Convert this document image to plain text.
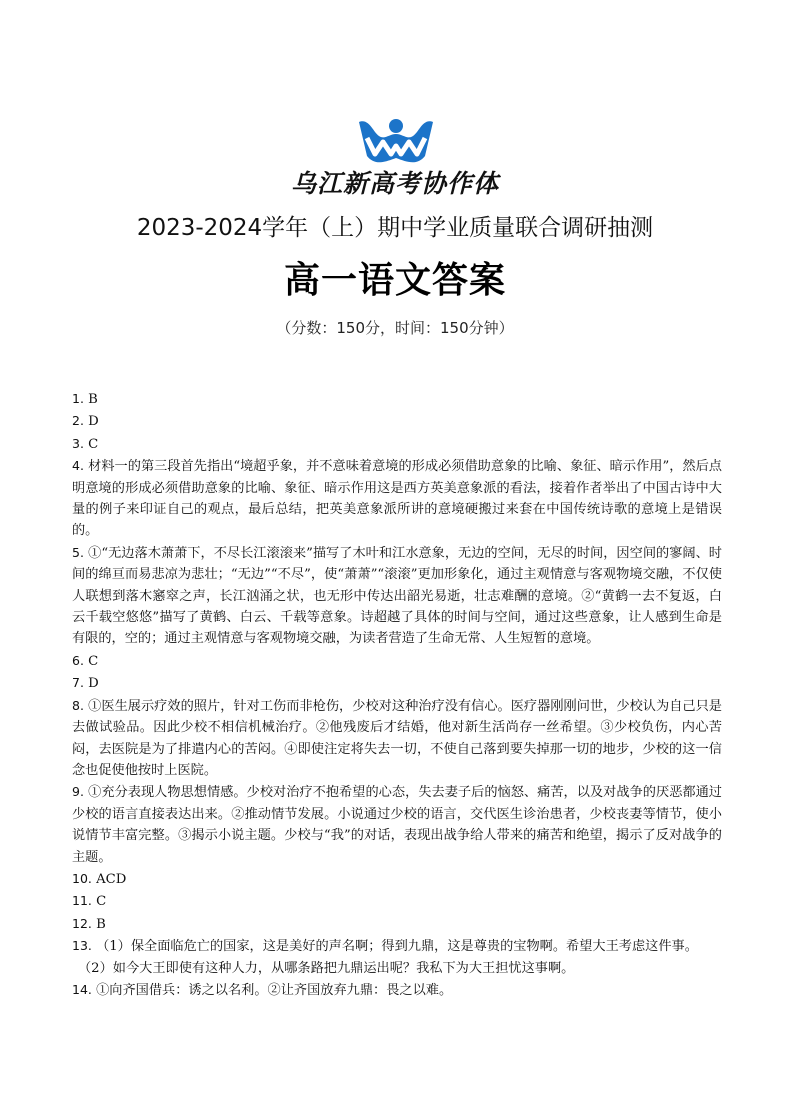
乌江新高考协作体
2023-2024学年（上）期中学业质量联合调研抽测
高一语文答案
（分数：150分，时间：150分钟）

1. B

2. D

3. C

4. 材料一的第三段首先指出“境超乎象，并不意味着意境的形成必须借助意象的比喻、象征、暗示作用”，然后点明意境的形成必须借助意象的比喻、象征、暗示作用这是西方英美意象派的看法，接着作者举出了中国古诗中大量的例子来印证自己的观点，最后总结，把英美意象派所讲的意境硬搬过来套在中国传统诗歌的意境上是错误的。

5. ①“无边落木萧萧下，不尽长江滚滚来”描写了木叶和江水意象，无边的空间，无尽的时间，因空间的寥阔、时间的绵亘而易悲凉为悲壮；“无边”“不尽”，使“萧萧”“滚滚”更加形象化，通过主观情意与客观物境交融，不仅使人联想到落木窸窣之声，长江汹涌之状，也无形中传达出韶光易逝，壮志难酬的意境。②“黄鹤一去不复返，白云千载空悠悠”描写了黄鹤、白云、千载等意象。诗超越了具体的时间与空间，通过这些意象，让人感到生命是有限的，空的；通过主观情意与客观物境交融，为读者营造了生命无常、人生短暂的意境。

6. C

7. D

8. ①医生展示疗效的照片，针对工伤而非枪伤，少校对这种治疗没有信心。医疗器刚刚问世，少校认为自己只是去做试验品。因此少校不相信机械治疗。②他残废后才结婚，他对新生活尚存一丝希望。③少校负伤，内心苦闷，去医院是为了排遣内心的苦闷。④即使注定将失去一切，不使自己落到要失掉那一切的地步，少校的这一信念也促使他按时上医院。

9. ①充分表现人物思想情感。少校对治疗不抱希望的心态，失去妻子后的恼怒、痛苦，以及对战争的厌恶都通过少校的语言直接表达出来。②推动情节发展。小说通过少校的语言，交代医生诊治患者，少校丧妻等情节，使小说情节丰富完整。③揭示小说主题。少校与“我”的对话，表现出战争给人带来的痛苦和绝望，揭示了反对战争的主题。

10. ACD

11. C

12. B

13. （1）保全面临危亡的国家，这是美好的声名啊；得到九鼎，这是尊贵的宝物啊。希望大王考虑这件事。

（2）如今大王即使有这种人力，从哪条路把九鼎运出呢？我私下为大王担忧这事啊。

14. ①向齐国借兵：诱之以名利。②让齐国放弃九鼎：畏之以难。
